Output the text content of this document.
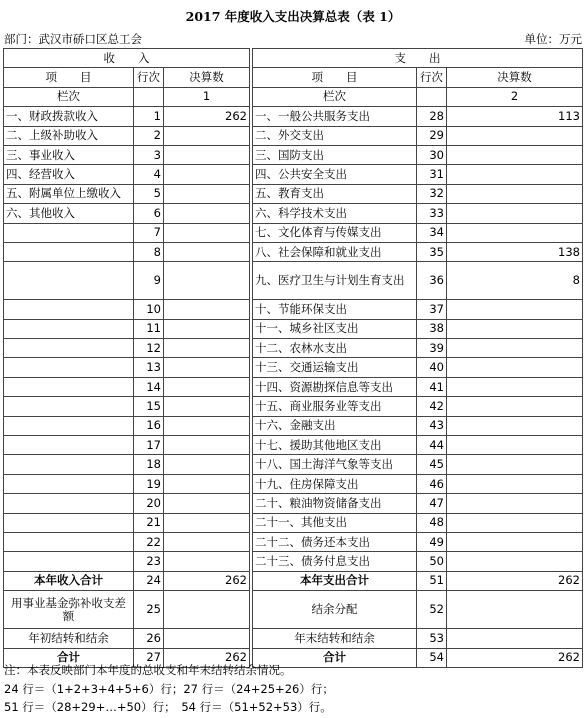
2017 年度收入支出决算总表（表 1）
部门：武汉市硚口区总工会	单位：万元
收　　入				支　　出		
项　　目	行次	决算数		项　　目	行次	决算数
栏次		1		栏次		2
一、财政拨款收入	1	262		一、一般公共服务支出	28	113
二、上级补助收入	2			二、外交支出	29	
三、事业收入	3			三、国防支出	30	
四、经营收入	4			四、公共安全支出	31	
五、附属单位上缴收入	5			五、教育支出	32	
六、其他收入	6			六、科学技术支出	33	
	7			七、文化体育与传媒支出	34	
	8			八、社会保障和就业支出	35	138
	9			九、医疗卫生与计划生育支出	36	8
	10			十、节能环保支出	37	
	11			十一、城乡社区支出	38	
	12			十二、农林水支出	39	
	13			十三、交通运输支出	40	
	14			十四、资源勘探信息等支出	41	
	15			十五、商业服务业等支出	42	
	16			十六、金融支出	43	
	17			十七、援助其他地区支出	44	
	18			十八、国土海洋气象等支出	45	
	19			十九、住房保障支出	46	
	20			二十、粮油物资储备支出	47	
	21			二十一、其他支出	48	
	22			二十二、债务还本支出	49	
	23			二十三、债务付息支出	50	
本年收入合计	24	262		本年支出合计	51	262
用事业基金弥补收支差额	25			结余分配	52	
年初结转和结余	26			年末结转和结余	53	
合计	27	262		合计	54	262
注：本表反映部门本年度的总收支和年末结转结余情况。
24 行＝（1+2+3+4+5+6）行；27 行＝（24+25+26）行；
51 行＝（28+29+…+50）行；　54 行＝（51+52+53）行。
